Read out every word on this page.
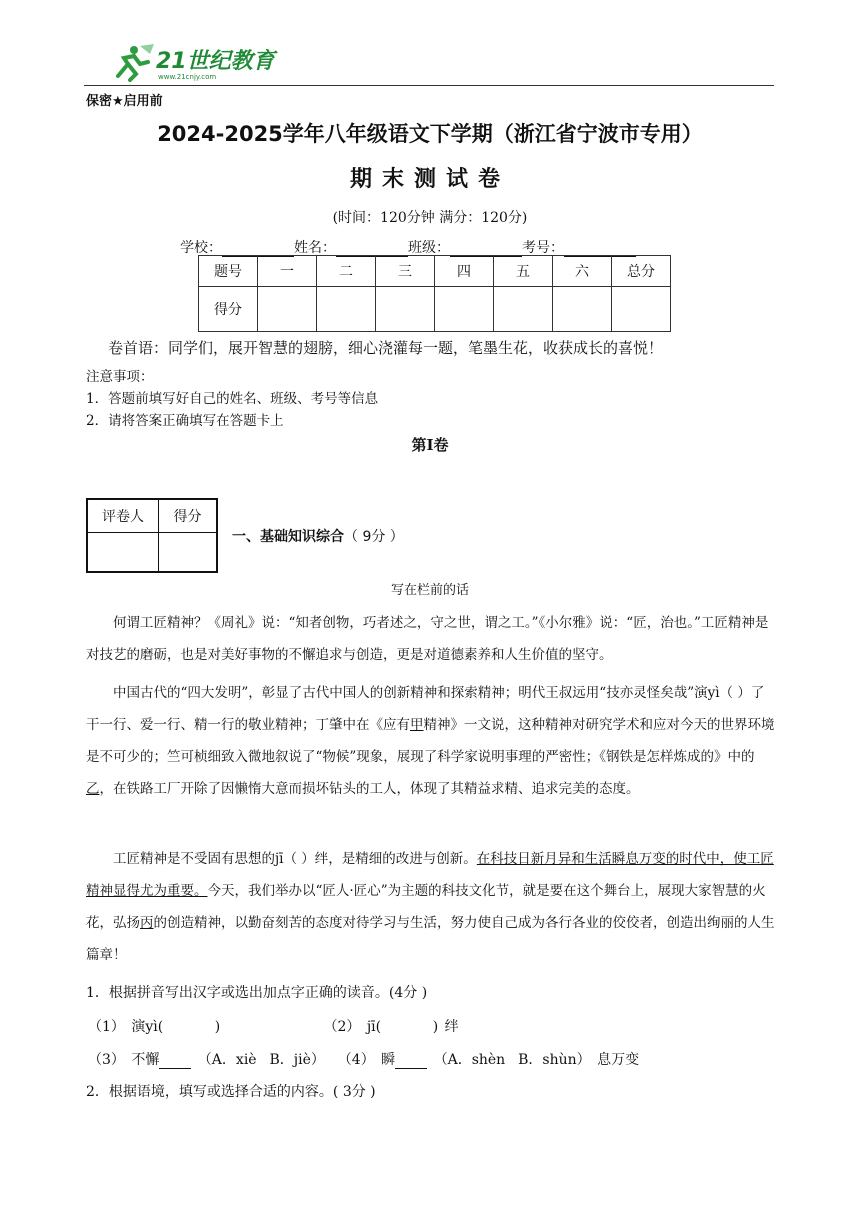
21世纪教育
www.21cnjy.com
保密★启用前
2024-2025学年八年级语文下学期（浙江省宁波市专用）
期末测试卷
(时间：120分钟 满分：120分)
学校：	姓名：	班级：	考号：
题号	一	二	三	四	五	六	总分
得分							
卷首语：同学们，展开智慧的翅膀，细心浇灌每一题，笔墨生花，收获成长的喜悦！
注意事项：
1．答题前填写好自己的姓名、班级、考号等信息
2．请将答案正确填写在答题卡上
第I卷
评卷人	得分

一、基础知识综合（ 9分 ）
写在栏前的话
何谓工匠精神？《周礼》说：“知者创物，巧者述之，守之世，谓之工。”《小尔雅》说：“匠，治也。”工匠精神是对技艺的磨砺，也是对美好事物的不懈追求与创造，更是对道德素养和人生价值的坚守。
中国古代的“四大发明”，彰显了古代中国人的创新精神和探索精神；明代王叔远用“技亦灵怪矣哉”演yì（ ）了干一行、爱一行、精一行的敬业精神；丁肇中在《应有甲精神》一文说，这种精神对研究学术和应对今天的世界环境是不可少的；竺可桢细致入微地叙说了“物候”现象，展现了科学家说明事理的严密性；《钢铁是怎样炼成的》中的乙，在铁路工厂开除了因懒惰大意而损坏钻头的工人，体现了其精益求精、追求完美的态度。
工匠精神是不受固有思想的jī（ ）绊，是精细的改进与创新。在科技日新月异和生活瞬息万变的时代中，使工匠精神显得尤为重要。今天，我们举办以“匠人·匠心”为主题的科技文化节，就是要在这个舞台上，展现大家智慧的火花，弘扬丙的创造精神，以勤奋刻苦的态度对待学习与生活，努力使自己成为各行各业的佼佼者，创造出绚丽的人生篇章！
1．根据拼音写出汉字或选出加点字正确的读音。(4分 )
（1） 演yì(        )	（2） jī(        ) 绊
（3） 不懈 （A．xiè  B．jiè） （4） 瞬 （A．shèn  B．shùn） 息万变
2．根据语境，填写或选择合适的内容。( 3分 )
